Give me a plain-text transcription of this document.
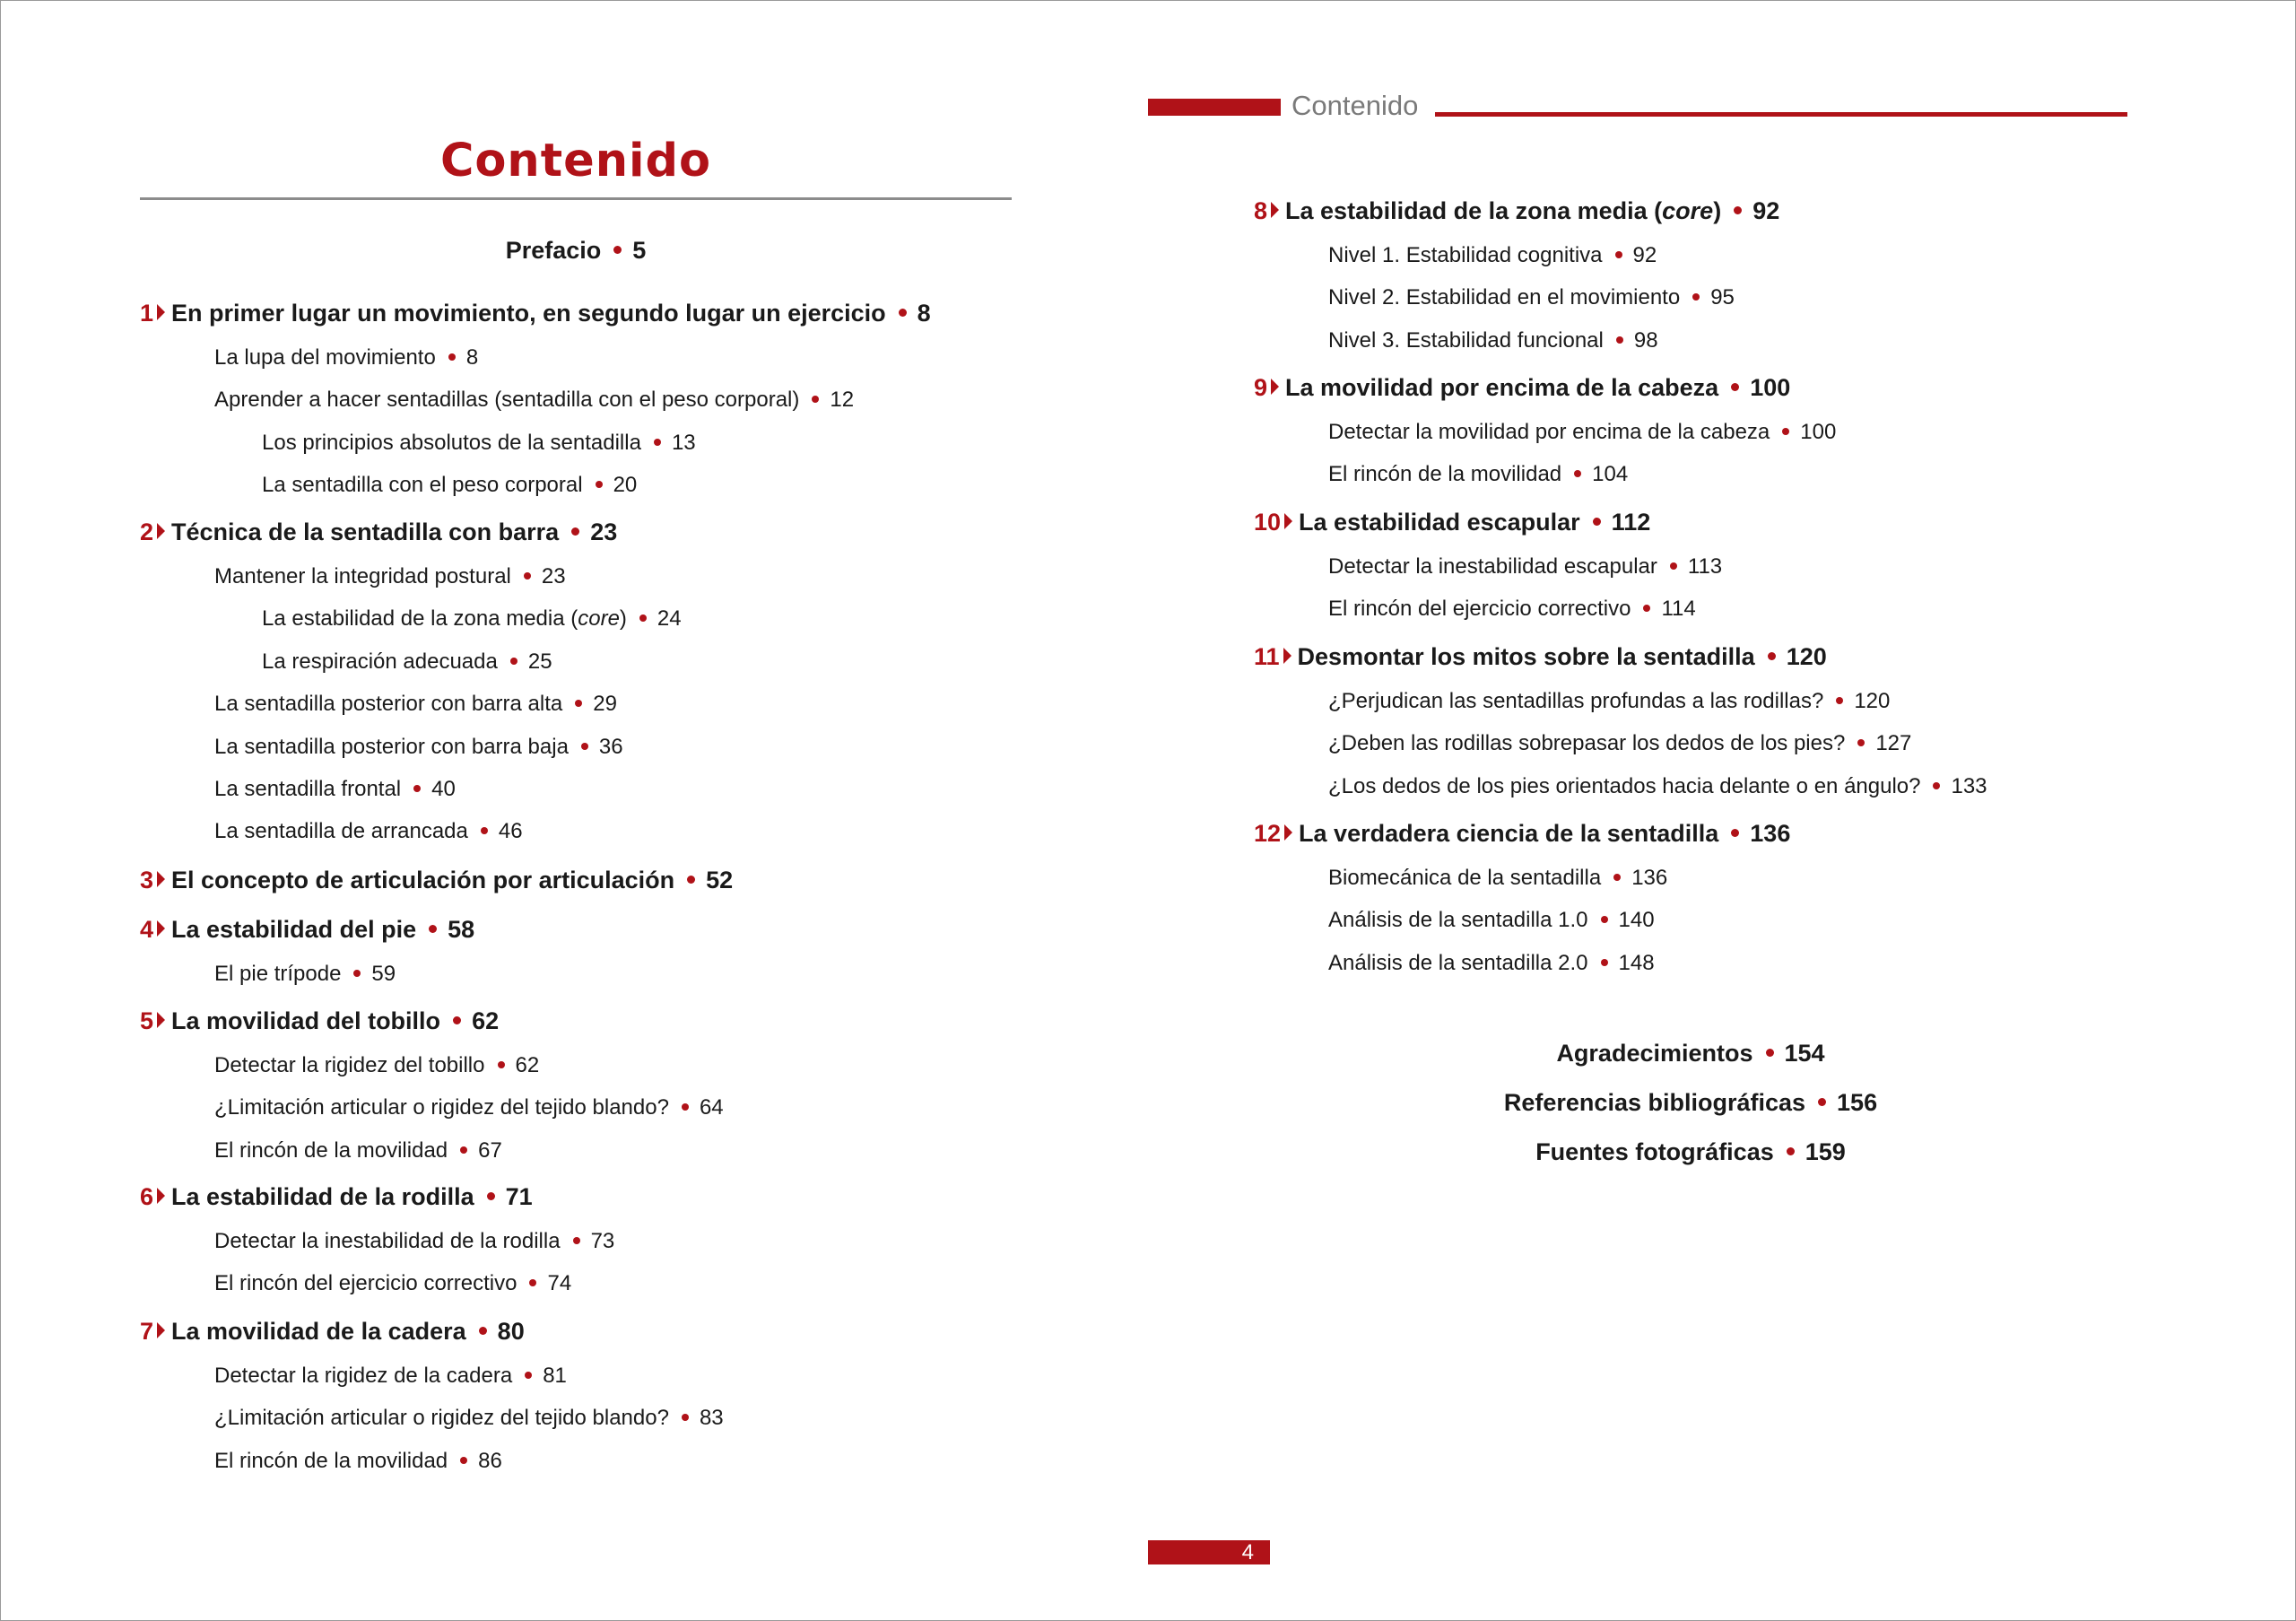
Contenido
Contenido
Prefacio 5
1 En primer lugar un movimiento, en segundo lugar un ejercicio 8
La lupa del movimiento 8
Aprender a hacer sentadillas (sentadilla con el peso corporal) 12
Los principios absolutos de la sentadilla 13
La sentadilla con el peso corporal 20
2 Técnica de la sentadilla con barra 23
Mantener la integridad postural 23
La estabilidad de la zona media (core) 24
La respiración adecuada 25
La sentadilla posterior con barra alta 29
La sentadilla posterior con barra baja 36
La sentadilla frontal 40
La sentadilla de arrancada 46
3 El concepto de articulación por articulación 52
4 La estabilidad del pie 58
El pie trípode 59
5 La movilidad del tobillo 62
Detectar la rigidez del tobillo 62
¿Limitación articular o rigidez del tejido blando? 64
El rincón de la movilidad 67
6 La estabilidad de la rodilla 71
Detectar la inestabilidad de la rodilla 73
El rincón del ejercicio correctivo 74
7 La movilidad de la cadera 80
Detectar la rigidez de la cadera 81
¿Limitación articular o rigidez del tejido blando? 83
El rincón de la movilidad 86
8 La estabilidad de la zona media (core) 92
Nivel 1. Estabilidad cognitiva 92
Nivel 2. Estabilidad en el movimiento 95
Nivel 3. Estabilidad funcional 98
9 La movilidad por encima de la cabeza 100
Detectar la movilidad por encima de la cabeza 100
El rincón de la movilidad 104
10 La estabilidad escapular 112
Detectar la inestabilidad escapular 113
El rincón del ejercicio correctivo 114
11 Desmontar los mitos sobre la sentadilla 120
¿Perjudican las sentadillas profundas a las rodillas? 120
¿Deben las rodillas sobrepasar los dedos de los pies? 127
¿Los dedos de los pies orientados hacia delante o en ángulo? 133
12 La verdadera ciencia de la sentadilla 136
Biomecánica de la sentadilla 136
Análisis de la sentadilla 1.0 140
Análisis de la sentadilla 2.0 148
Agradecimientos 154
Referencias bibliográficas 156
Fuentes fotográficas 159
4
